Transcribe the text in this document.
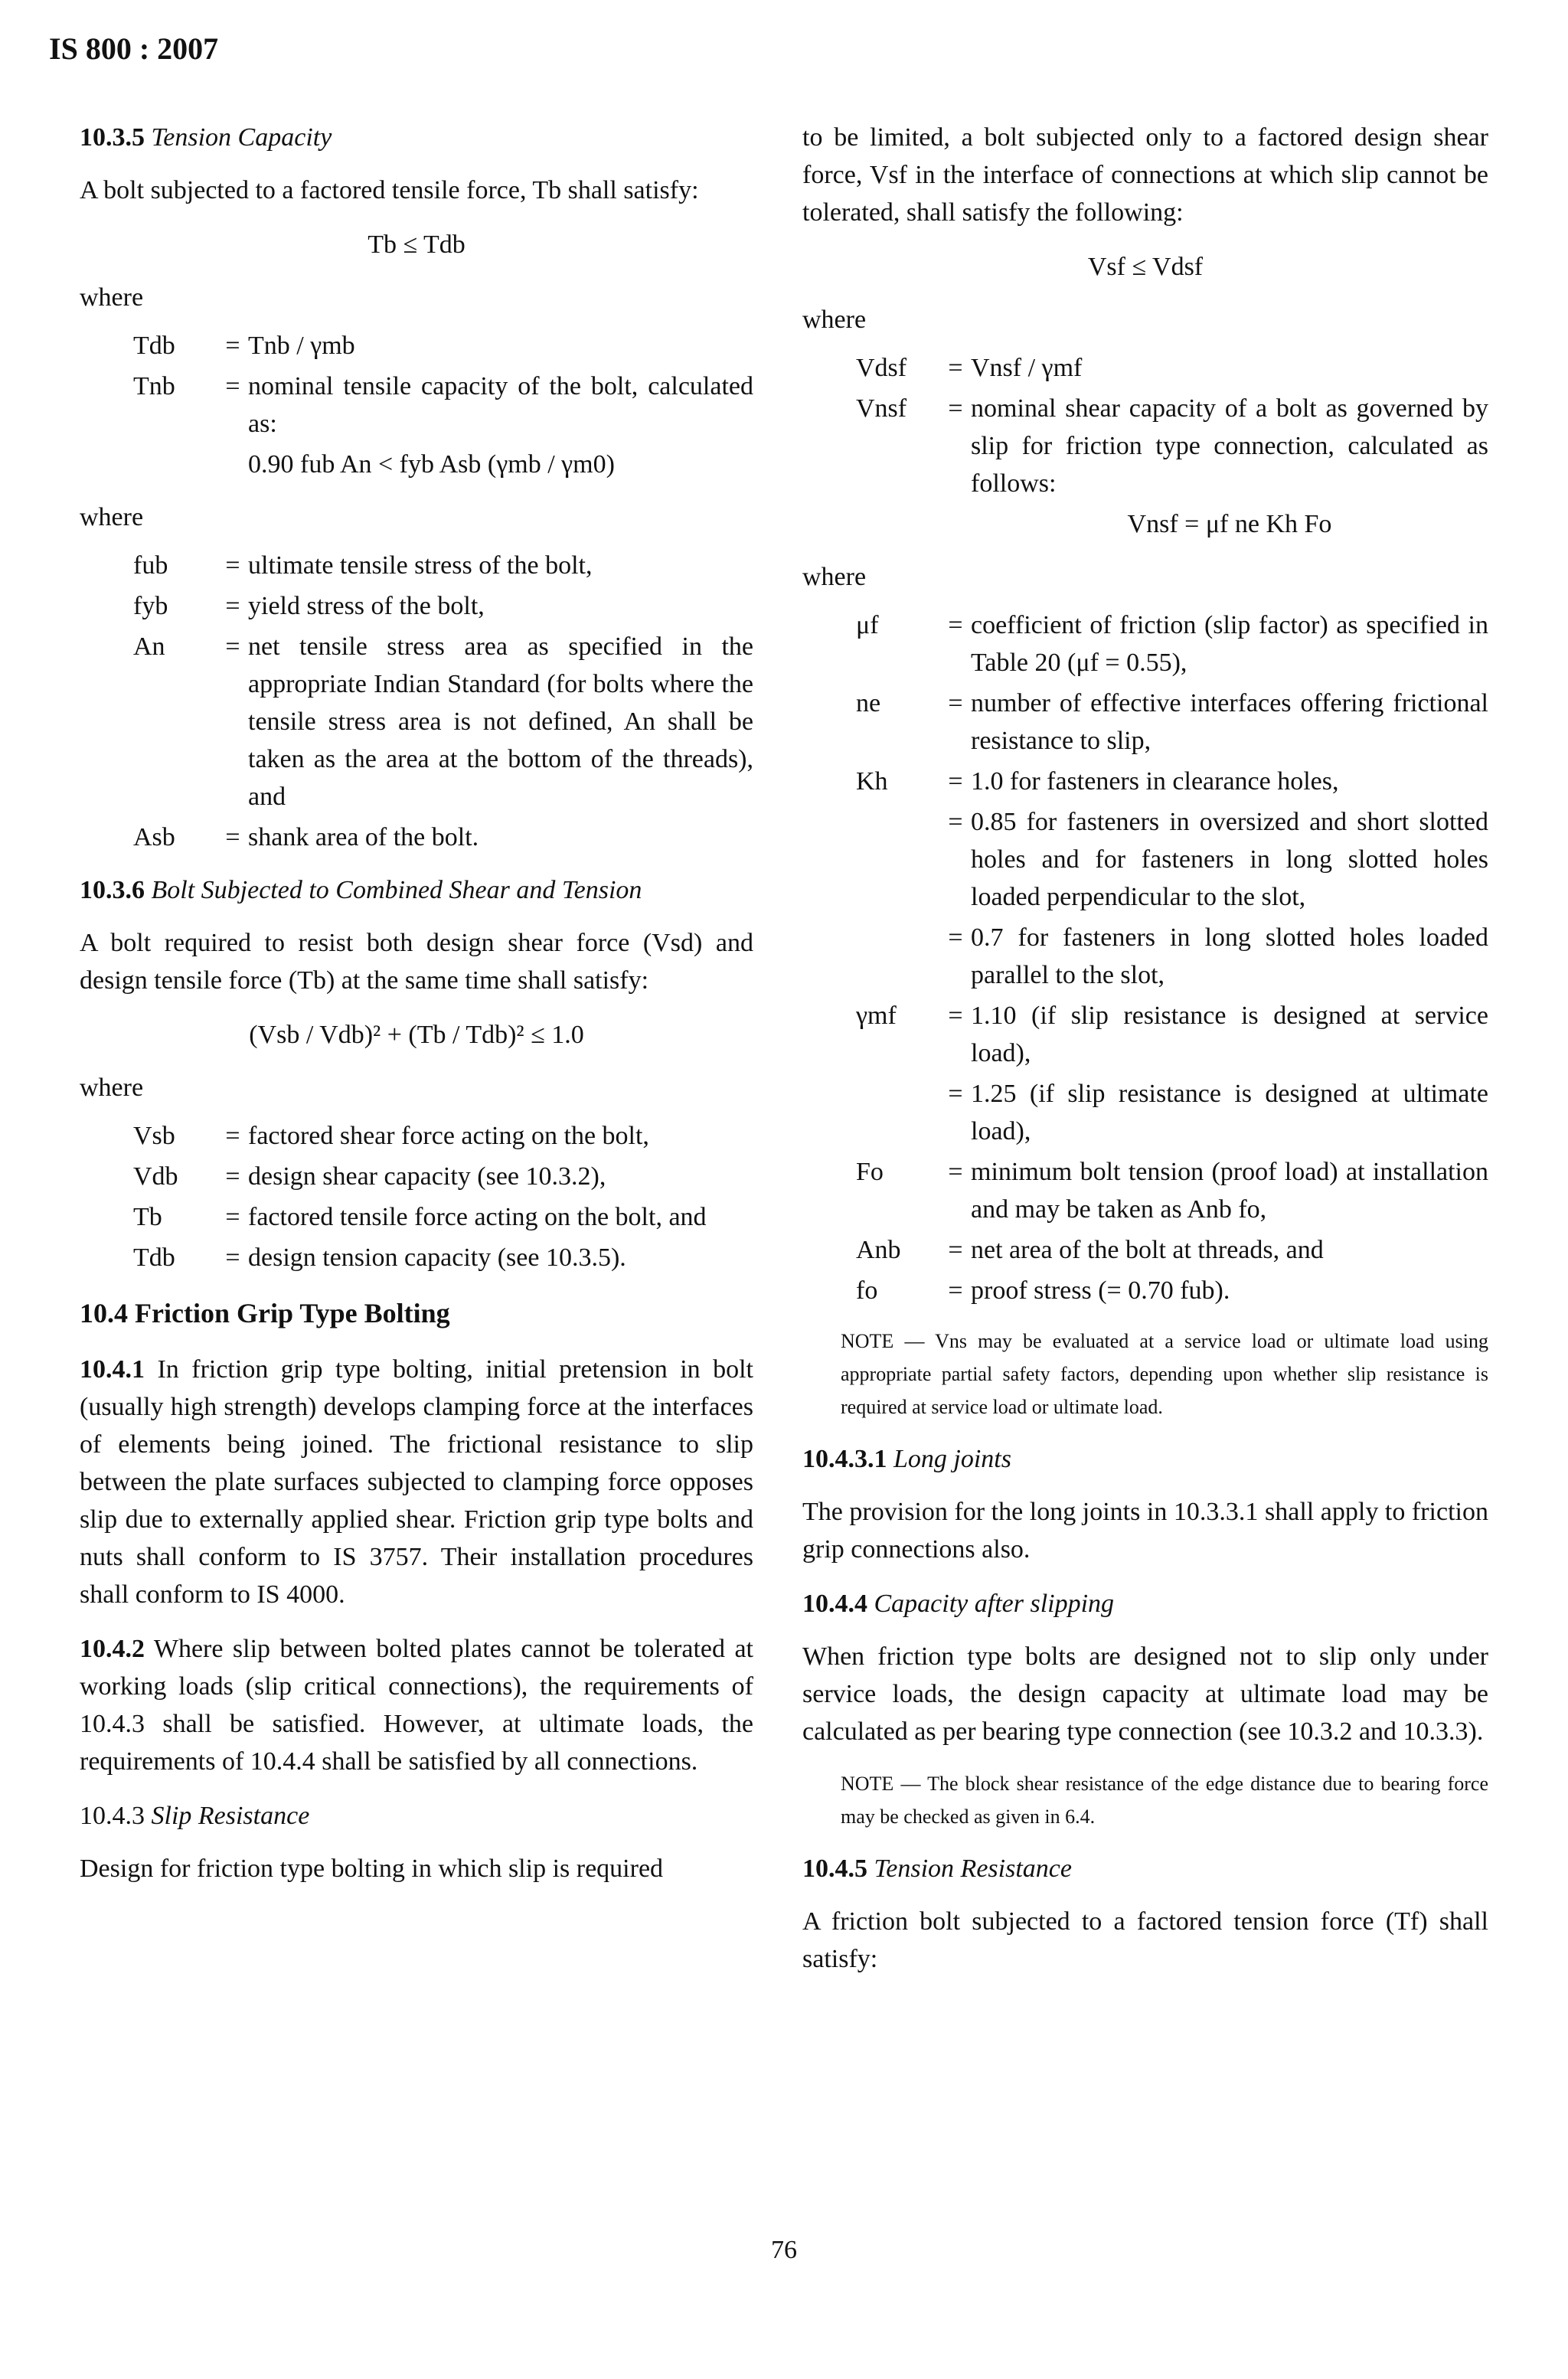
IS 800 : 2007
10.3.5 Tension Capacity

A bolt subjected to a factored tensile force, Tb shall satisfy:

Tb ≤ Tdb
where
Tdb	= Tnb / γmb
Tnb	= nominal tensile capacity of the bolt, calculated as:
0.90 fub An < fyb Asb (γmb / γm0)
where
fub	= ultimate tensile stress of the bolt,
fyb	= yield stress of the bolt,
An	= net tensile stress area as specified in the appropriate Indian Standard (for bolts where the tensile stress area is not defined, An shall be taken as the area at the bottom of the threads), and
Asb	= shank area of the bolt.
10.3.6 Bolt Subjected to Combined Shear and Tension

A bolt required to resist both design shear force (Vsd) and design tensile force (Tb) at the same time shall satisfy:

(Vsb / Vdb)² + (Tb / Tdb)² ≤ 1.0
where
Vsb	= factored shear force acting on the bolt,
Vdb	= design shear capacity (see 10.3.2),
Tb	= factored tensile force acting on the bolt, and
Tdb	= design tension capacity (see 10.3.5).
10.4 Friction Grip Type Bolting

10.4.1 In friction grip type bolting, initial pretension in bolt (usually high strength) develops clamping force at the interfaces of elements being joined. The frictional resistance to slip between the plate surfaces subjected to clamping force opposes slip due to externally applied shear. Friction grip type bolts and nuts shall conform to IS 3757. Their installation procedures shall conform to IS 4000.

10.4.2 Where slip between bolted plates cannot be tolerated at working loads (slip critical connections), the requirements of 10.4.3 shall be satisfied. However, at ultimate loads, the requirements of 10.4.4 shall be satisfied by all connections.

10.4.3 Slip Resistance

Design for friction type bolting in which slip is required

to be limited, a bolt subjected only to a factored design shear force, Vsf in the interface of connections at which slip cannot be tolerated, shall satisfy the following:

Vsf ≤ Vdsf
where
Vdsf	= Vnsf / γmf
Vnsf	= nominal shear capacity of a bolt as governed by slip for friction type connection, calculated as follows:
Vnsf = μf ne Kh Fo
where
μf	= coefficient of friction (slip factor) as specified in Table 20 (μf = 0.55),
ne	= number of effective interfaces offering frictional resistance to slip,
Kh	= 1.0 for fasteners in clearance holes,
= 0.85 for fasteners in oversized and short slotted holes and for fasteners in long slotted holes loaded perpendicular to the slot,
= 0.7 for fasteners in long slotted holes loaded parallel to the slot,
γmf	= 1.10 (if slip resistance is designed at service load),
= 1.25 (if slip resistance is designed at ultimate load),
Fo	= minimum bolt tension (proof load) at installation and may be taken as Anb fo,
Anb	= net area of the bolt at threads, and
fo	= proof stress (= 0.70 fub).
NOTE — Vns may be evaluated at a service load or ultimate load using appropriate partial safety factors, depending upon whether slip resistance is required at service load or ultimate load.
10.4.3.1 Long joints

The provision for the long joints in 10.3.3.1 shall apply to friction grip connections also.

10.4.4 Capacity after slipping

When friction type bolts are designed not to slip only under service loads, the design capacity at ultimate load may be calculated as per bearing type connection (see 10.3.2 and 10.3.3).

NOTE — The block shear resistance of the edge distance due to bearing force may be checked as given in 6.4.
10.4.5 Tension Resistance

A friction bolt subjected to a factored tension force (Tf) shall satisfy:

76
